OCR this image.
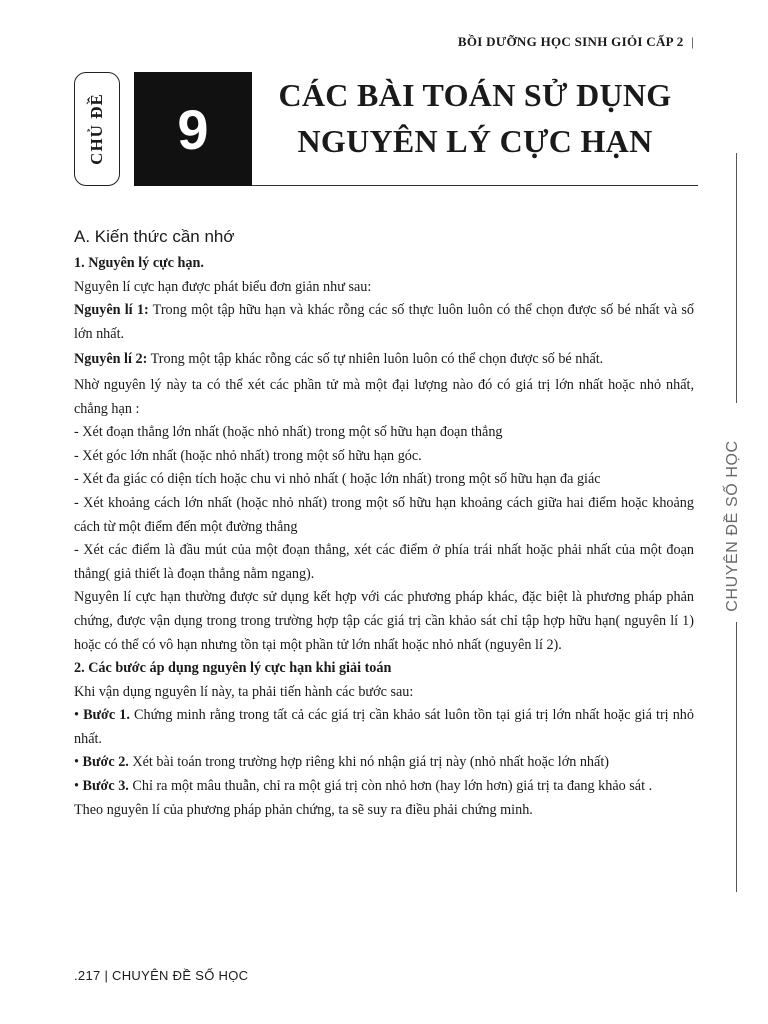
BỒI DƯỠNG HỌC SINH GIỎI CẤP 2 |
CHỦ ĐỀ	9
CÁC BÀI TOÁN SỬ DỤNG
NGUYÊN LÝ CỰC HẠN
CHUYÊN ĐỀ SỐ HỌC
A. Kiến thức cần nhớ

1. Nguyên lý cực hạn.

Nguyên lí cực hạn được phát biểu đơn giản như sau:

Nguyên lí 1: Trong một tập hữu hạn và khác rỗng các số thực luôn luôn có thể chọn được số bé nhất và số lớn nhất.

Nguyên lí 2: Trong một tập khác rỗng các số tự nhiên luôn luôn có thể chọn được số bé nhất.

Nhờ nguyên lý này ta có thể xét các phần tử mà một đại lượng nào đó có giá trị lớn nhất hoặc nhỏ nhất, chẳng hạn :

- Xét đoạn thẳng lớn nhất (hoặc nhỏ nhất) trong một số hữu hạn đoạn thẳng

- Xét góc lớn nhất (hoặc nhỏ nhất) trong một số hữu hạn góc.

- Xét đa giác có diện tích hoặc chu vi nhỏ nhất ( hoặc lớn nhất) trong một số hữu hạn đa giác

- Xét khoảng cách lớn nhất (hoặc nhỏ nhất) trong một số hữu hạn khoảng cách giữa hai điểm hoặc khoảng cách từ một điểm đến một đường thẳng

- Xét các điểm là đầu mút của một đoạn thẳng, xét các điểm ở phía trái nhất hoặc phải nhất của một đoạn thẳng( giả thiết là đoạn thẳng nằm ngang).

Nguyên lí cực hạn thường được sử dụng kết hợp với các phương pháp khác, đặc biệt là phương pháp phản chứng, được vận dụng trong trong trường hợp tập các giá trị cần khảo sát chỉ tập hợp hữu hạn( nguyên lí 1) hoặc có thể có vô hạn nhưng tồn tại một phần tử lớn nhất hoặc nhỏ nhất (nguyên lí 2).

2. Các bước áp dụng nguyên lý cực hạn khi giải toán

Khi vận dụng nguyên lí này, ta phải tiến hành các bước sau:

• Bước 1. Chứng minh rằng trong tất cả các giá trị cần khảo sát luôn tồn tại giá trị lớn nhất hoặc giá trị nhỏ nhất.

• Bước 2. Xét bài toán trong trường hợp riêng khi nó nhận giá trị này (nhỏ nhất hoặc lớn nhất)

• Bước 3. Chỉ ra một mâu thuẫn, chỉ ra một giá trị còn nhỏ hơn (hay lớn hơn) giá trị ta đang khảo sát .

Theo nguyên lí của phương pháp phản chứng, ta sẽ suy ra điều phải chứng minh.

.217 | CHUYÊN ĐỀ SỐ HỌC
